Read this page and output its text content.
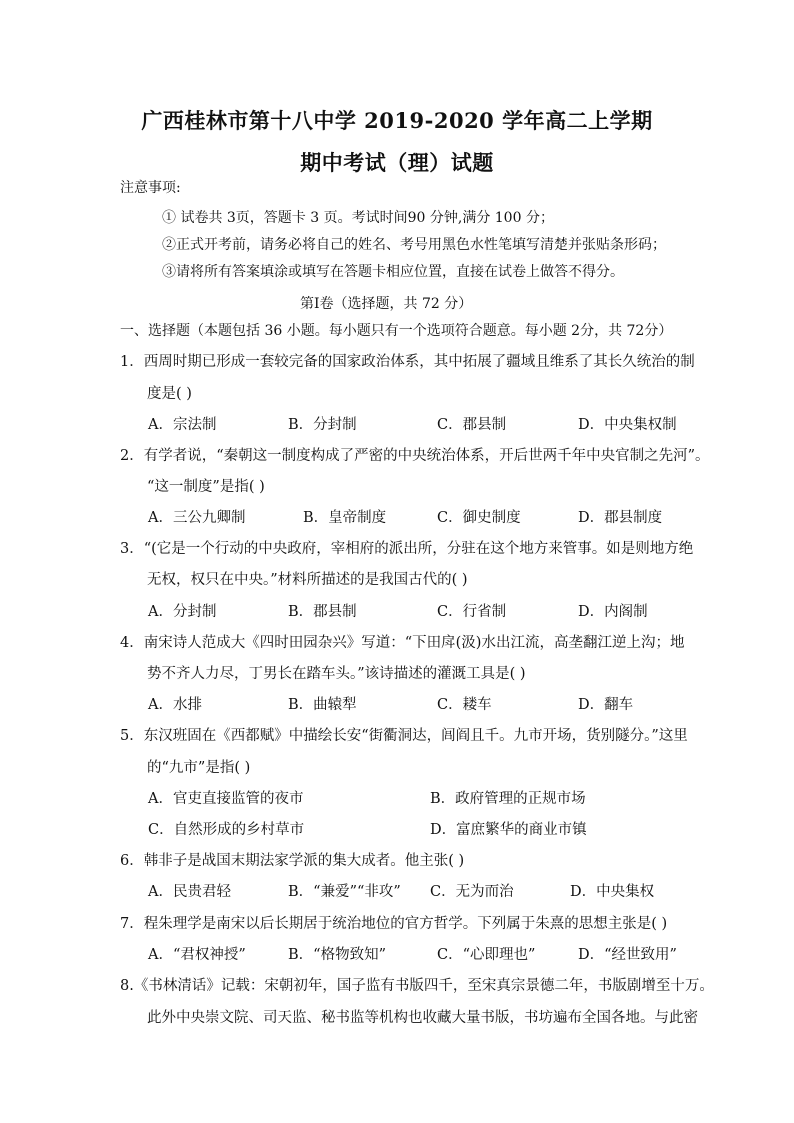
广西桂林市第十八中学 2019-2020 学年高二上学期
期中考试（理）试题
注意事项:
① 试卷共 3页，答题卡 3 页。考试时间90 分钟,满分 100 分；
②正式开考前，请务必将自己的姓名、考号用黑色水性笔填写清楚并张贴条形码；
③请将所有答案填涂或填写在答题卡相应位置，直接在试卷上做答不得分。
第Ⅰ卷（选择题，共 72 分）
一、选择题（本题包括 36 小题。每小题只有一个选项符合题意。每小题 2分，共 72分）
1．西周时期已形成一套较完备的国家政治体系，其中拓展了疆域且维系了其长久统治的制
度是( )
A．宗法制	B．分封制	C．郡县制	D．中央集权制
2．有学者说，“秦朝这一制度构成了严密的中央统治体系，开后世两千年中央官制之先河”。
“这一制度”是指( )
A．三公九卿制	B．皇帝制度	C．御史制度	D．郡县制度
3．“(它是一个行动的中央政府，宰相府的派出所，分驻在这个地方来管事。如是则地方绝
无权，权只在中央。”材料所描述的是我国古代的( )
A．分封制	B．郡县制	C．行省制	D．内阁制
4．南宋诗人范成大《四时田园杂兴》写道：“下田戽(汲)水出江流，高垄翻江逆上沟；地
势不齐人力尽，丁男长在踏车头。”该诗描述的灌溉工具是( )
A．水排	B．曲辕犁	C．耧车	D．翻车
5．东汉班固在《西都赋》中描绘长安“街衢洞达，闾阎且千。九市开场，货别隧分。”这里
的“九市”是指( )
A．官吏直接监管的夜市	B．政府管理的正规市场
C．自然形成的乡村草市	D．富庶繁华的商业市镇
6．韩非子是战国末期法家学派的集大成者。他主张( )
A．民贵君轻	B．“兼爱”“非攻” C．无为而治	D．中央集权
7．程朱理学是南宋以后长期居于统治地位的官方哲学。下列属于朱熹的思想主张是( )
A．“君权神授”	B．“格物致知”	C．“心即理也”	D．“经世致用”
8.《书林清话》记载：宋朝初年，国子监有书版四千，至宋真宗景德二年，书版剧增至十万。
此外中央崇文院、司天监、秘书监等机构也收藏大量书版，书坊遍布全国各地。与此密
